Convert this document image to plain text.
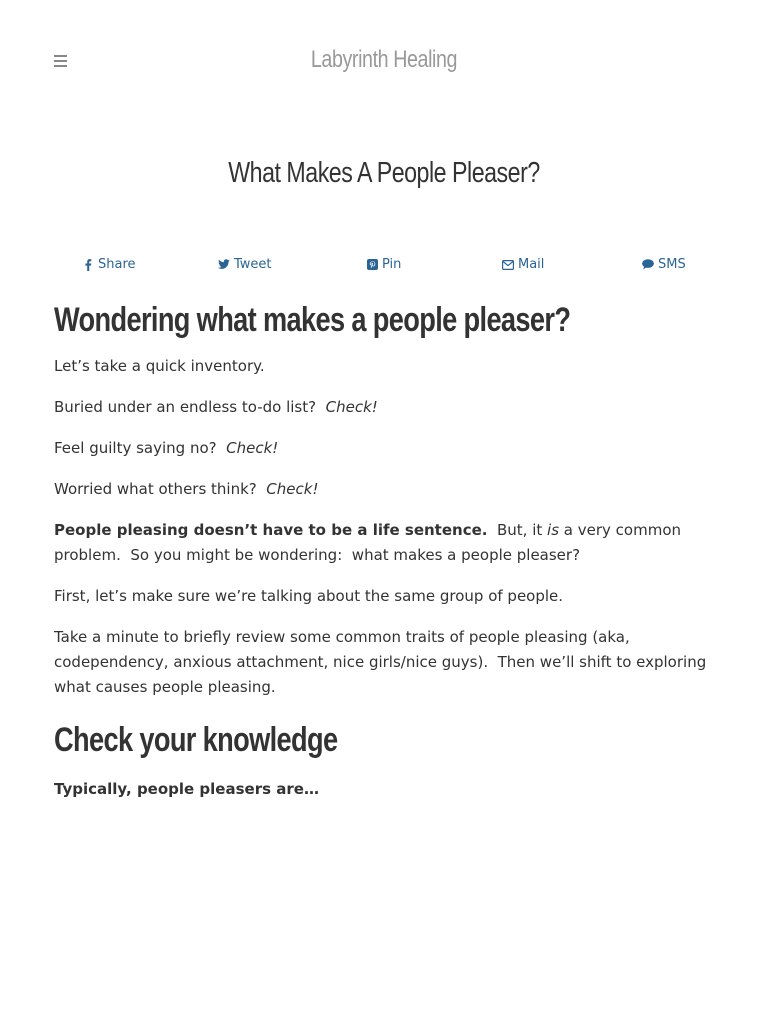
Labyrinth Healing
What Makes A People Pleaser?
Share	Tweet	Pin	Mail	SMS
Wondering what makes a people pleaser?

Let’s take a quick inventory.

Buried under an endless to-do list?  Check!

Feel guilty saying no?  Check!

Worried what others think?  Check!

People pleasing doesn’t have to be a life sentence.  But, it is a very common problem.  So you might be wondering:  what makes a people pleaser?

First, let’s make sure we’re talking about the same group of people.

Take a minute to briefly review some common traits of people pleasing (aka, codependency, anxious attachment, nice girls/nice guys).  Then we’ll shift to exploring what causes people pleasing.

Check your knowledge

Typically, people pleasers are…
